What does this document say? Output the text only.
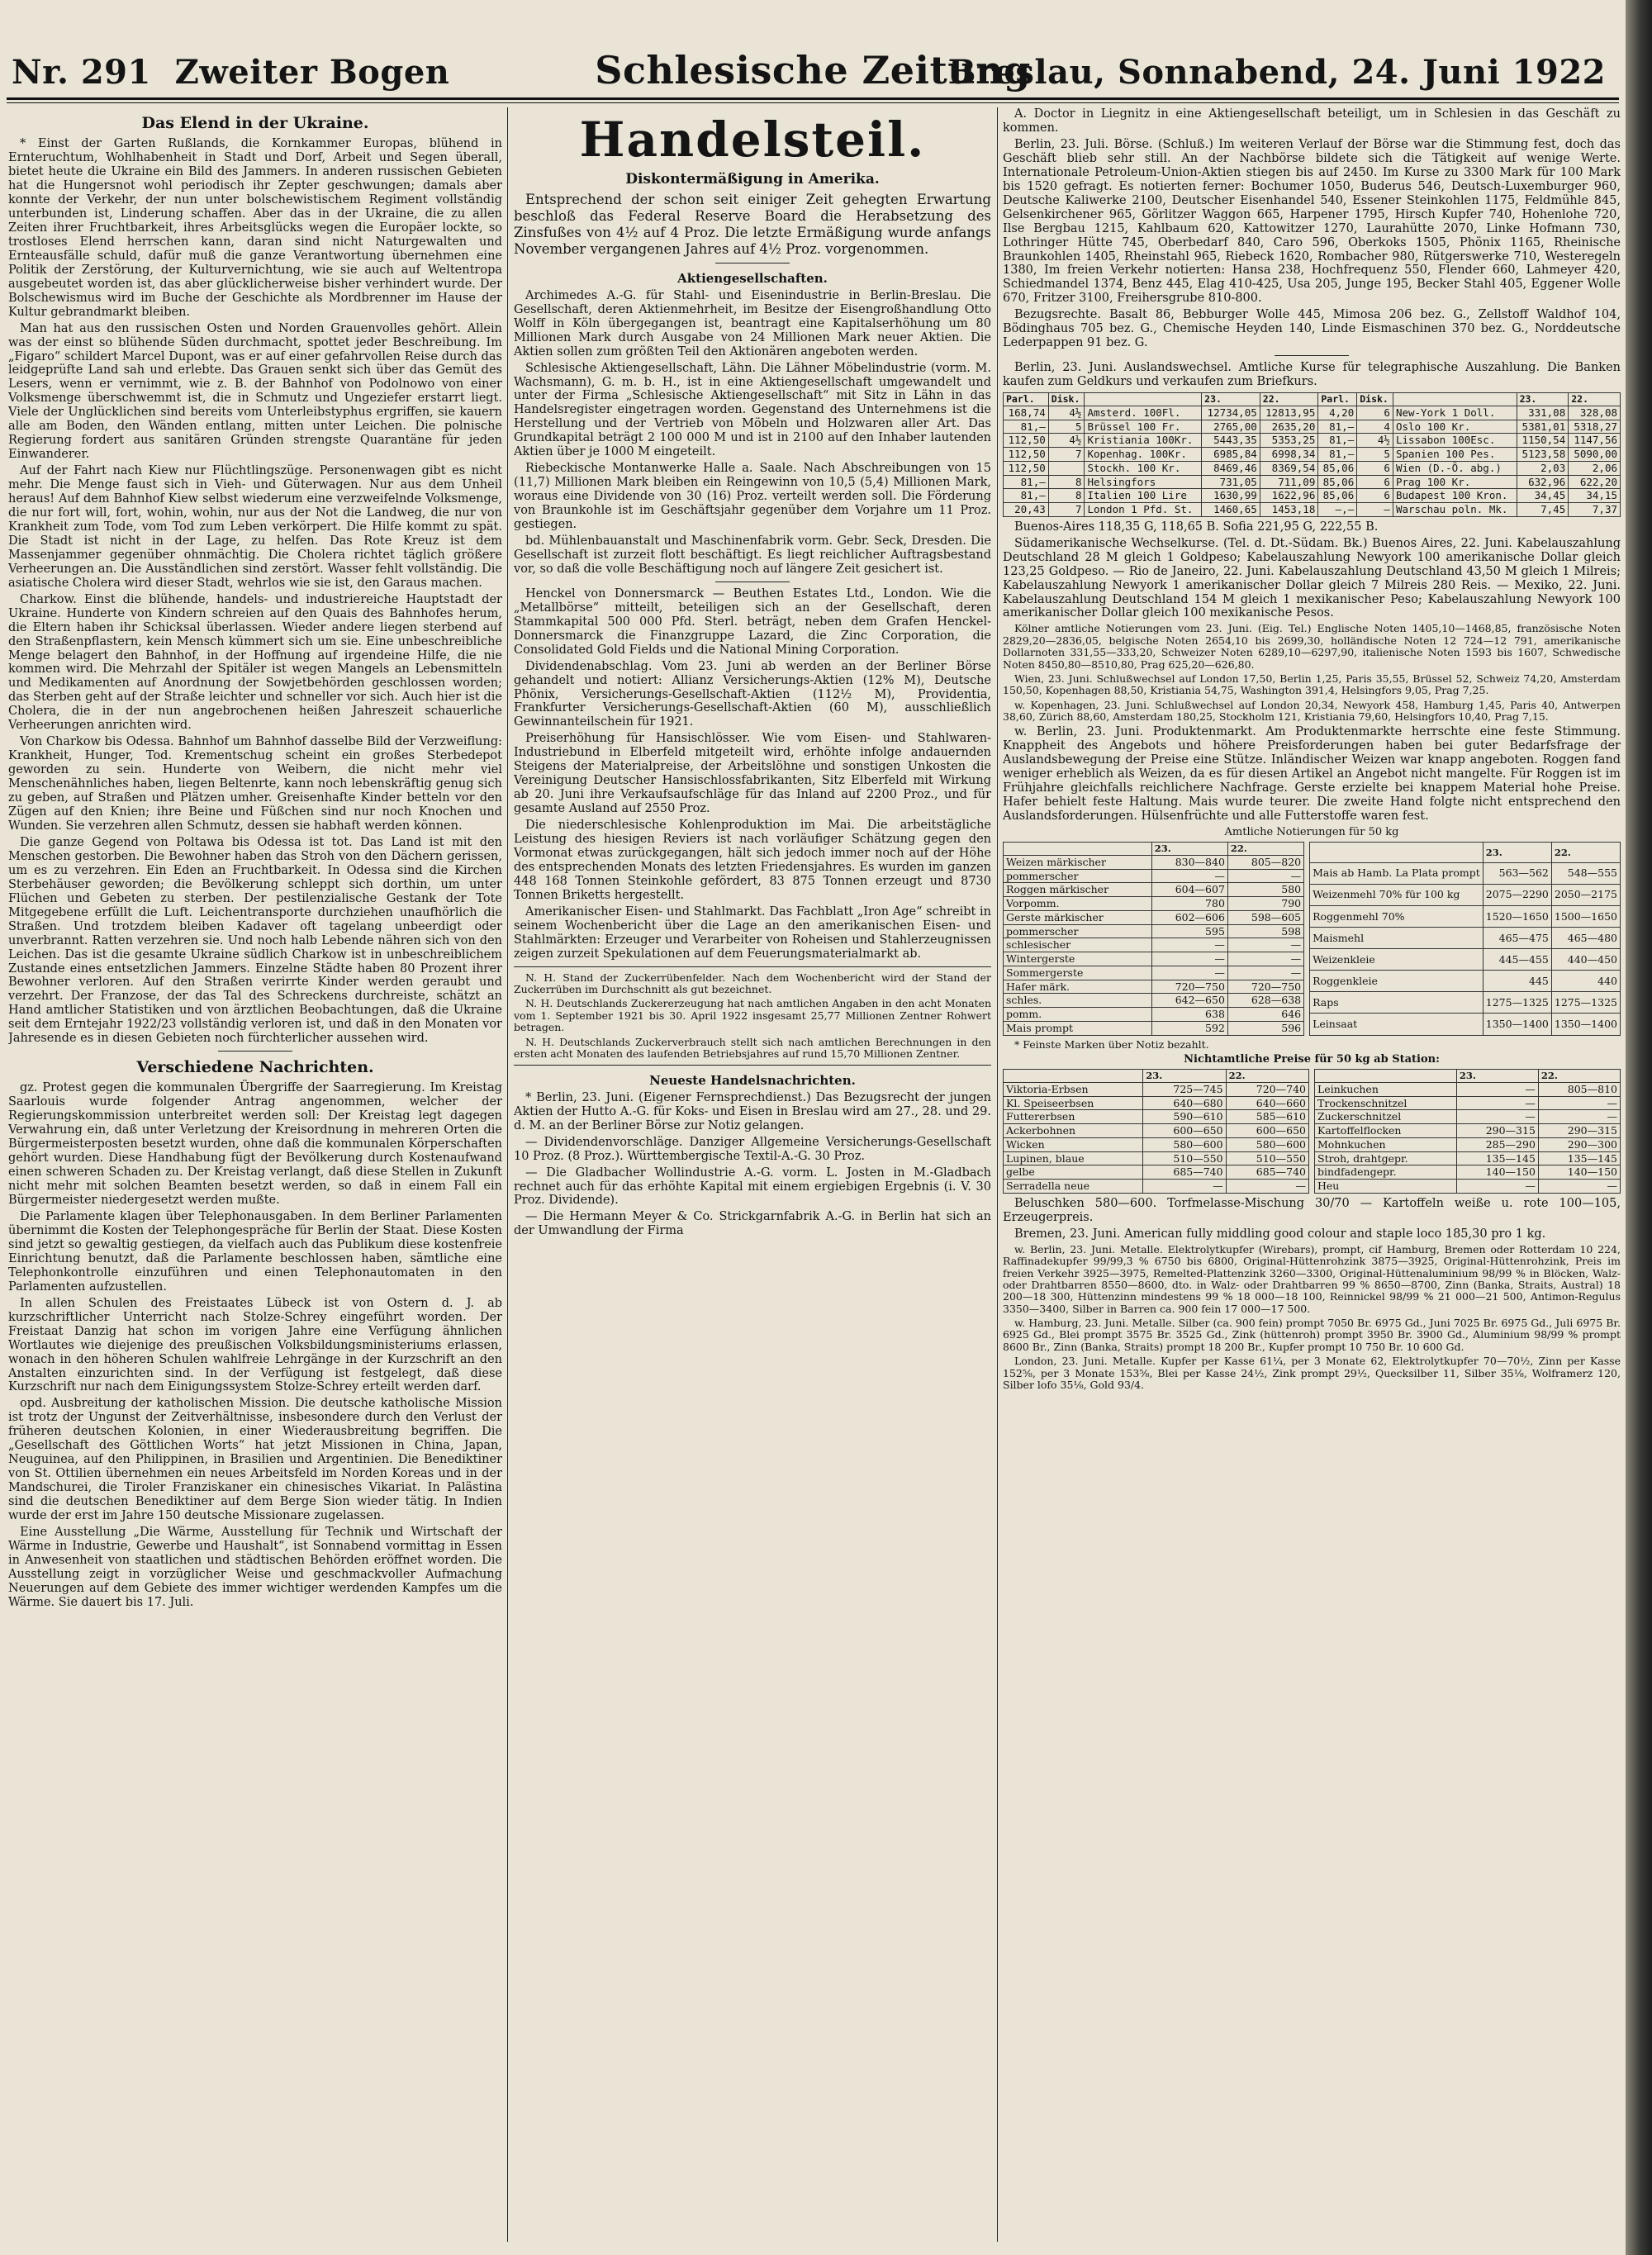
Nr. 291 Zweiter Bogen	Schlesische Zeitung
Breslau, Sonnabend, 24. Juni 1922
Das Elend in der Ukraine.

* Einst der Garten Rußlands, die Kornkammer Europas, blühend in Ernteruchtum, Wohlhabenheit in Stadt und Dorf, Arbeit und Segen überall, bietet heute die Ukraine ein Bild des Jammers. In anderen russischen Gebieten hat die Hungersnot wohl periodisch ihr Zepter geschwungen; damals aber konnte der Verkehr, der nun unter bolschewistischem Regiment vollständig unterbunden ist, Linderung schaffen. Aber das in der Ukraine, die zu allen Zeiten ihrer Fruchtbarkeit, ihres Arbeitsglücks wegen die Europäer lockte, so trostloses Elend herrschen kann, daran sind nicht Naturgewalten und Ernteausfälle schuld, dafür muß die ganze Verantwortung übernehmen eine Politik der Zerstörung, der Kulturvernichtung, wie sie auch auf Weltentropa ausgebeutet worden ist, das aber glücklicherweise bisher verhindert wurde. Der Bolschewismus wird im Buche der Geschichte als Mordbrenner im Hause der Kultur gebrandmarkt bleiben.

Man hat aus den russischen Osten und Norden Grauenvolles gehört. Allein was der einst so blühende Süden durchmacht, spottet jeder Beschreibung. Im „Figaro“ schildert Marcel Dupont, was er auf einer gefahrvollen Reise durch das leidgeprüfte Land sah und erlebte. Das Grauen senkt sich über das Gemüt des Lesers, wenn er vernimmt, wie z. B. der Bahnhof von Podolnowo von einer Volksmenge überschwemmt ist, die in Schmutz und Ungeziefer erstarrt liegt. Viele der Unglücklichen sind bereits vom Unterleibstyphus ergriffen, sie kauern alle am Boden, den Wänden entlang, mitten unter Leichen. Die polnische Regierung fordert aus sanitären Gründen strengste Quarantäne für jeden Einwanderer.

Auf der Fahrt nach Kiew nur Flüchtlingszüge. Personenwagen gibt es nicht mehr. Die Menge faust sich in Vieh- und Güterwagen. Nur aus dem Unheil heraus! Auf dem Bahnhof Kiew selbst wiederum eine verzweifelnde Volksmenge, die nur fort will, fort, wohin, wohin, nur aus der Not die Landweg, die nur von Krankheit zum Tode, vom Tod zum Leben verkörpert. Die Hilfe kommt zu spät. Die Stadt ist nicht in der Lage, zu helfen. Das Rote Kreuz ist dem Massenjammer gegenüber ohnmächtig. Die Cholera richtet täglich größere Verheerungen an. Die Ausständlichen sind zerstört. Wasser fehlt vollständig. Die asiatische Cholera wird dieser Stadt, wehrlos wie sie ist, den Garaus machen.

Charkow. Einst die blühende, handels- und industriereiche Hauptstadt der Ukraine. Hunderte von Kindern schreien auf den Quais des Bahnhofes herum, die Eltern haben ihr Schicksal überlassen. Wieder andere liegen sterbend auf den Straßenpflastern, kein Mensch kümmert sich um sie. Eine unbeschreibliche Menge belagert den Bahnhof, in der Hoffnung auf irgendeine Hilfe, die nie kommen wird. Die Mehrzahl der Spitäler ist wegen Mangels an Lebensmitteln und Medikamenten auf Anordnung der Sowjetbehörden geschlossen worden; das Sterben geht auf der Straße leichter und schneller vor sich. Auch hier ist die Cholera, die in der nun angebrochenen heißen Jahreszeit schauerliche Verheerungen anrichten wird.

Von Charkow bis Odessa. Bahnhof um Bahnhof dasselbe Bild der Verzweiflung: Krankheit, Hunger, Tod. Krementschug scheint ein großes Sterbedepot geworden zu sein. Hunderte von Weibern, die nicht mehr viel Menschenähnliches haben, liegen Beltenrte, kann noch lebenskräftig genug sich zu geben, auf Straßen und Plätzen umher. Greisenhafte Kinder betteln vor den Zügen auf den Knien; ihre Beine und Füßchen sind nur noch Knochen und Wunden. Sie verzehren allen Schmutz, dessen sie habhaft werden können.

Die ganze Gegend von Poltawa bis Odessa ist tot. Das Land ist mit den Menschen gestorben. Die Bewohner haben das Stroh von den Dächern gerissen, um es zu verzehren. Ein Eden an Fruchtbarkeit. In Odessa sind die Kirchen Sterbehäuser geworden; die Bevölkerung schleppt sich dorthin, um unter Flüchen und Gebeten zu sterben. Der pestilenzialische Gestank der Tote Mitgegebene erfüllt die Luft. Leichentransporte durchziehen unaufhörlich die Straßen. Und trotzdem bleiben Kadaver oft tagelang unbeerdigt oder unverbrannt. Ratten verzehren sie. Und noch halb Lebende nähren sich von den Leichen. Das ist die gesamte Ukraine südlich Charkow ist in unbeschreiblichem Zustande eines entsetzlichen Jammers. Einzelne Städte haben 80 Prozent ihrer Bewohner verloren. Auf den Straßen verirrte Kinder werden geraubt und verzehrt. Der Franzose, der das Tal des Schreckens durchreiste, schätzt an Hand amtlicher Statistiken und von ärztlichen Beobachtungen, daß die Ukraine seit dem Erntejahr 1922/23 vollständig verloren ist, und daß in den Monaten vor Jahresende es in diesen Gebieten noch fürchterlicher aussehen wird.

Verschiedene Nachrichten.

gz. Protest gegen die kommunalen Übergriffe der Saarregierung. Im Kreistag Saarlouis wurde folgender Antrag angenommen, welcher der Regierungskommission unterbreitet werden soll: Der Kreistag legt dagegen Verwahrung ein, daß unter Verletzung der Kreisordnung in mehreren Orten die Bürgermeisterposten besetzt wurden, ohne daß die kommunalen Körperschaften gehört wurden. Diese Handhabung fügt der Bevölkerung durch Kostenaufwand einen schweren Schaden zu. Der Kreistag verlangt, daß diese Stellen in Zukunft nicht mehr mit solchen Beamten besetzt werden, so daß in einem Fall ein Bürgermeister niedergesetzt werden mußte.

Die Parlamente klagen über Telephonausgaben. In dem Berliner Parlamenten übernimmt die Kosten der Telephongespräche für Berlin der Staat. Diese Kosten sind jetzt so gewaltig gestiegen, da vielfach auch das Publikum diese kostenfreie Einrichtung benutzt, daß die Parlamente beschlossen haben, sämtliche eine Telephonkontrolle einzuführen und einen Telephonautomaten in den Parlamenten aufzustellen.

In allen Schulen des Freistaates Lübeck ist von Ostern d. J. ab kurzschriftlicher Unterricht nach Stolze-Schrey eingeführt worden. Der Freistaat Danzig hat schon im vorigen Jahre eine Verfügung ähnlichen Wortlautes wie diejenige des preußischen Volksbildungsministeriums erlassen, wonach in den höheren Schulen wahlfreie Lehrgänge in der Kurzschrift an den Anstalten einzurichten sind. In der Verfügung ist festgelegt, daß diese Kurzschrift nur nach dem Einigungssystem Stolze-Schrey erteilt werden darf.

opd. Ausbreitung der katholischen Mission. Die deutsche katholische Mission ist trotz der Ungunst der Zeitverhältnisse, insbesondere durch den Verlust der früheren deutschen Kolonien, in einer Wiederausbreitung begriffen. Die „Gesellschaft des Göttlichen Worts“ hat jetzt Missionen in China, Japan, Neuguinea, auf den Philippinen, in Brasilien und Argentinien. Die Benediktiner von St. Ottilien übernehmen ein neues Arbeitsfeld im Norden Koreas und in der Mandschurei, die Tiroler Franziskaner ein chinesisches Vikariat. In Palästina sind die deutschen Benediktiner auf dem Berge Sion wieder tätig. In Indien wurde der erst im Jahre 150 deutsche Missionare zugelassen.

Eine Ausstellung „Die Wärme, Ausstellung für Technik und Wirtschaft der Wärme in Industrie, Gewerbe und Haushalt“, ist Sonnabend vormittag in Essen in Anwesenheit von staatlichen und städtischen Behörden eröffnet worden. Die Ausstellung zeigt in vorzüglicher Weise und geschmackvoller Aufmachung Neuerungen auf dem Gebiete des immer wichtiger werdenden Kampfes um die Wärme. Sie dauert bis 17. Juli.

Handelsteil.
Diskontermäßigung in Amerika.

Entsprechend der schon seit einiger Zeit gehegten Erwartung beschloß das Federal Reserve Board die Herabsetzung des Zinsfußes von 4½ auf 4 Proz. Die letzte Ermäßigung wurde anfangs November vergangenen Jahres auf 4½ Proz. vorgenommen.

Aktiengesellschaften.

Archimedes A.-G. für Stahl- und Eisenindustrie in Berlin-Breslau. Die Gesellschaft, deren Aktienmehrheit, im Besitze der Eisengroßhandlung Otto Wolff in Köln übergegangen ist, beantragt eine Kapitalserhöhung um 80 Millionen Mark durch Ausgabe von 24 Millionen Mark neuer Aktien. Die Aktien sollen zum größten Teil den Aktionären angeboten werden.

Schlesische Aktiengesellschaft, Lähn. Die Lähner Möbelindustrie (vorm. M. Wachsmann), G. m. b. H., ist in eine Aktiengesellschaft umgewandelt und unter der Firma „Schlesische Aktiengesellschaft“ mit Sitz in Lähn in das Handelsregister eingetragen worden. Gegenstand des Unternehmens ist die Herstellung und der Vertrieb von Möbeln und Holzwaren aller Art. Das Grundkapital beträgt 2 100 000 M und ist in 2100 auf den Inhaber lautenden Aktien über je 1000 M eingeteilt.

Riebeckische Montanwerke Halle a. Saale. Nach Abschreibungen von 15 (11,7) Millionen Mark bleiben ein Reingewinn von 10,5 (5,4) Millionen Mark, woraus eine Dividende von 30 (16) Proz. verteilt werden soll. Die Förderung von Braunkohle ist im Geschäftsjahr gegenüber dem Vorjahre um 11 Proz. gestiegen.

bd. Mühlenbauanstalt und Maschinenfabrik vorm. Gebr. Seck, Dresden. Die Gesellschaft ist zurzeit flott beschäftigt. Es liegt reichlicher Auftragsbestand vor, so daß die volle Beschäftigung noch auf längere Zeit gesichert ist.

Henckel von Donnersmarck — Beuthen Estates Ltd., London. Wie die „Metallbörse“ mitteilt, beteiligen sich an der Gesellschaft, deren Stammkapital 500 000 Pfd. Sterl. beträgt, neben dem Grafen Henckel-Donnersmarck die Finanzgruppe Lazard, die Zinc Corporation, die Consolidated Gold Fields und die National Mining Corporation.

Dividendenabschlag. Vom 23. Juni ab werden an der Berliner Börse gehandelt und notiert: Allianz Versicherungs-Aktien (12% M), Deutsche Phönix, Versicherungs-Gesellschaft-Aktien (112½ M), Providentia, Frankfurter Versicherungs-Gesellschaft-Aktien (60 M), ausschließlich Gewinnanteilschein für 1921.

Preiserhöhung für Hansischlösser. Wie vom Eisen- und Stahlwaren-Industriebund in Elberfeld mitgeteilt wird, erhöhte infolge andauernden Steigens der Materialpreise, der Arbeitslöhne und sonstigen Unkosten die Vereinigung Deutscher Hansischlossfabrikanten, Sitz Elberfeld mit Wirkung ab 20. Juni ihre Verkaufsaufschläge für das Inland auf 2200 Proz., und für gesamte Ausland auf 2550 Proz.

Die niederschlesische Kohlenproduktion im Mai. Die arbeitstägliche Leistung des hiesigen Reviers ist nach vorläufiger Schätzung gegen den Vormonat etwas zurückgegangen, hält sich jedoch immer noch auf der Höhe des entsprechenden Monats des letzten Friedensjahres. Es wurden im ganzen 448 168 Tonnen Steinkohle gefördert, 83 875 Tonnen erzeugt und 8730 Tonnen Briketts hergestellt.

Amerikanischer Eisen- und Stahlmarkt. Das Fachblatt „Iron Age“ schreibt in seinem Wochenbericht über die Lage an den amerikanischen Eisen- und Stahlmärkten: Erzeuger und Verarbeiter von Roheisen und Stahlerzeugnissen zeigen zurzeit Spekulationen auf dem Feuerungsmaterialmarkt ab.

N. H. Stand der Zuckerrübenfelder. Nach dem Wochenbericht wird der Stand der Zuckerrüben im Durchschnitt als gut bezeichnet.

N. H. Deutschlands Zuckererzeugung hat nach amtlichen Angaben in den acht Monaten vom 1. September 1921 bis 30. April 1922 insgesamt 25,77 Millionen Zentner Rohwert betragen.

N. H. Deutschlands Zuckerverbrauch stellt sich nach amtlichen Berechnungen in den ersten acht Monaten des laufenden Betriebsjahres auf rund 15,70 Millionen Zentner.

Neueste Handelsnachrichten.

* Berlin, 23. Juni. (Eigener Fernsprechdienst.) Das Bezugsrecht der jungen Aktien der Hutto A.-G. für Koks- und Eisen in Breslau wird am 27., 28. und 29. d. M. an der Berliner Börse zur Notiz gelangen.

— Dividendenvorschläge. Danziger Allgemeine Versicherungs-Gesellschaft 10 Proz. (8 Proz.). Württembergische Textil-A.-G. 30 Proz.

— Die Gladbacher Wollindustrie A.-G. vorm. L. Josten in M.-Gladbach rechnet auch für das erhöhte Kapital mit einem ergiebigen Ergebnis (i. V. 30 Proz. Dividende).

— Die Hermann Meyer & Co. Strickgarnfabrik A.-G. in Berlin hat sich an der Umwandlung der Firma

A. Doctor in Liegnitz in eine Aktiengesellschaft beteiligt, um in Schlesien in das Geschäft zu kommen.

Berlin, 23. Juli. Börse. (Schluß.) Im weiteren Verlauf der Börse war die Stimmung fest, doch das Geschäft blieb sehr still. An der Nachbörse bildete sich die Tätigkeit auf wenige Werte. Internationale Petroleum-Union-Aktien stiegen bis auf 2450. Im Kurse zu 3300 Mark für 100 Mark bis 1520 gefragt. Es notierten ferner: Bochumer 1050, Buderus 546, Deutsch-Luxemburger 960, Deutsche Kaliwerke 2100, Deutscher Eisenhandel 540, Essener Steinkohlen 1175, Feldmühle 845, Gelsenkirchener 965, Görlitzer Waggon 665, Harpener 1795, Hirsch Kupfer 740, Hohenlohe 720, Ilse Bergbau 1215, Kahlbaum 620, Kattowitzer 1270, Laurahütte 2070, Linke Hofmann 730, Lothringer Hütte 745, Oberbedarf 840, Caro 596, Oberkoks 1505, Phönix 1165, Rheinische Braunkohlen 1405, Rheinstahl 965, Riebeck 1620, Rombacher 980, Rütgerswerke 710, Westeregeln 1380, Im freien Verkehr notierten: Hansa 238, Hochfrequenz 550, Flender 660, Lahmeyer 420, Schiedmandel 1374, Benz 445, Elag 410-425, Usa 205, Junge 195, Becker Stahl 405, Eggener Wolle 670, Fritzer 3100, Freihersgrube 810-800.

Bezugsrechte. Basalt 86, Bebburger Wolle 445, Mimosa 206 bez. G., Zellstoff Waldhof 104, Bödinghaus 705 bez. G., Chemische Heyden 140, Linde Eismaschinen 370 bez. G., Norddeutsche Lederpappen 91 bez. G.

Berlin, 23. Juni. Auslandswechsel. Amtliche Kurse für telegraphische Auszahlung. Die Banken kaufen zum Geldkurs und verkaufen zum Briefkurs.

Parl.	Disk.		23.	22.	Parl.	Disk.		23.	22.
168,74	4½	Amsterd. 100Fl.	12734,05	12813,95	4,20	6	New-York 1 Doll.	331,08	328,08
81,—	5	Brüssel 100 Fr.	2765,00	2635,20	81,—	4	Oslo 100 Kr.	5381,01	5318,27
112,50	4½	Kristiania 100Kr.	5443,35	5353,25	81,—	4½	Lissabon 100Esc.	1150,54	1147,56
112,50	7	Kopenhag. 100Kr.	6985,84	6998,34	81,—	5	Spanien 100 Pes.	5123,58	5090,00
112,50		Stockh. 100 Kr.	8469,46	8369,54	85,06	6	Wien (D.-Ö. abg.)	2,03	2,06
81,—	8	Helsingfors	731,05	711,09	85,06	6	Prag 100 Kr.	632,96	622,20
81,—	8	Italien 100 Lire	1630,99	1622,96	85,06	6	Budapest 100 Kron.	34,45	34,15
20,43	7	London 1 Pfd. St.	1460,65	1453,18	—,—	—	Warschau poln. Mk.	7,45	7,37

Buenos-Aires 118,35 G, 118,65 B. Sofia 221,95 G, 222,55 B.

Südamerikanische Wechselkurse. (Tel. d. Dt.-Südam. Bk.) Buenos Aires, 22. Juni. Kabelauszahlung Deutschland 28 M gleich 1 Goldpeso; Kabelauszahlung Newyork 100 amerikanische Dollar gleich 123,25 Goldpeso. — Rio de Janeiro, 22. Juni. Kabelauszahlung Deutschland 43,50 M gleich 1 Milreis; Kabelauszahlung Newyork 1 amerikanischer Dollar gleich 7 Milreis 280 Reis. — Mexiko, 22. Juni. Kabelauszahlung Deutschland 154 M gleich 1 mexikanischer Peso; Kabelauszahlung Newyork 100 amerikanischer Dollar gleich 100 mexikanische Pesos.

Kölner amtliche Notierungen vom 23. Juni. (Eig. Tel.) Englische Noten 1405,10—1468,85, französische Noten 2829,20—2836,05, belgische Noten 2654,10 bis 2699,30, holländische Noten 12 724—12 791, amerikanische Dollarnoten 331,55—333,20, Schweizer Noten 6289,10—6297,90, italienische Noten 1593 bis 1607, Schwedische Noten 8450,80—8510,80, Prag 625,20—626,80.

Wien, 23. Juni. Schlußwechsel auf London 17,50, Berlin 1,25, Paris 35,55, Brüssel 52, Schweiz 74,20, Amsterdam 150,50, Kopenhagen 88,50, Kristiania 54,75, Washington 391,4, Helsingfors 9,05, Prag 7,25.

w. Kopenhagen, 23. Juni. Schlußwechsel auf London 20,34, Newyork 458, Hamburg 1,45, Paris 40, Antwerpen 38,60, Zürich 88,60, Amsterdam 180,25, Stockholm 121, Kristiania 79,60, Helsingfors 10,40, Prag 7,15.

w. Berlin, 23. Juni. Produktenmarkt. Am Produktenmarkte herrschte eine feste Stimmung. Knappheit des Angebots und höhere Preisforderungen haben bei guter Bedarfsfrage der Auslandsbewegung der Preise eine Stütze. Inländischer Weizen war knapp angeboten. Roggen fand weniger erheblich als Weizen, da es für diesen Artikel an Angebot nicht mangelte. Für Roggen ist im Frühjahre gleichfalls reichlichere Nachfrage. Gerste erzielte bei knappem Material hohe Preise. Hafer behielt feste Haltung. Mais wurde teurer. Die zweite Hand folgte nicht entsprechend den Auslandsforderungen. Hülsenfrüchte und alle Futterstoffe waren fest.

Amtliche Notierungen für 50 kg
	23.	22.
Weizen märkischer	830—840	805—820
pommerscher	—	—
Roggen märkischer	604—607	580
Vorpomm.	780	790
Gerste märkischer	602—606	598—605
pommerscher	595	598
schlesischer	—	—
Wintergerste	—	—
Sommergerste	—	—
Hafer märk.	720—750	720—750
schles.	642—650	628—638
pomm.	638	646
Mais prompt	592	596
	23.	22.
Mais ab Hamb. La Plata prompt	563—562	548—555
Weizenmehl 70% für 100 kg	2075—2290	2050—2175
Roggenmehl 70%	1520—1650	1500—1650
Maismehl	465—475	465—480
Weizenkleie	445—455	440—450
Roggenkleie	445	440
Raps	1275—1325	1275—1325
Leinsaat	1350—1400	1350—1400

* Feinste Marken über Notiz bezahlt.

Nichtamtliche Preise für 50 kg ab Station:
	23.	22.
Viktoria-Erbsen	725—745	720—740
Kl. Speiseerbsen	640—680	640—660
Futtererbsen	590—610	585—610
Ackerbohnen	600—650	600—650
Wicken	580—600	580—600
Lupinen, blaue	510—550	510—550
gelbe	685—740	685—740
Serradella neue	—	—
	23.	22.
Leinkuchen	—	805—810
Trockenschnitzel	—	—
Zuckerschnitzel	—	—
Kartoffelflocken	290—315	290—315
Mohnkuchen	285—290	290—300
Stroh, drahtgepr.	135—145	135—145
bindfadengepr.	140—150	140—150
Heu	—	—

Beluschken 580—600. Torfmelasse-Mischung 30/70 — Kartoffeln weiße u. rote 100—105, Erzeugerpreis.

Bremen, 23. Juni. American fully middling good colour and staple loco 185,30 pro 1 kg.

w. Berlin, 23. Juni. Metalle. Elektrolytkupfer (Wirebars), prompt, cif Hamburg, Bremen oder Rotterdam 10 224, Raffinadekupfer 99/99,3 % 6750 bis 6800, Original-Hüttenrohzink 3875—3925, Original-Hüttenrohzink, Preis im freien Verkehr 3925—3975, Remelted-Plattenzink 3260—3300, Original-Hüttenaluminium 98/99 % in Blöcken, Walz- oder Drahtbarren 8550—8600, dto. in Walz- oder Drahtbarren 99 % 8650—8700, Zinn (Banka, Straits, Austral) 18 200—18 300, Hüttenzinn mindestens 99 % 18 000—18 100, Reinnickel 98/99 % 21 000—21 500, Antimon-Regulus 3350—3400, Silber in Barren ca. 900 fein 17 000—17 500.

w. Hamburg, 23. Juni. Metalle. Silber (ca. 900 fein) prompt 7050 Br. 6975 Gd., Juni 7025 Br. 6975 Gd., Juli 6975 Br. 6925 Gd., Blei prompt 3575 Br. 3525 Gd., Zink (hüttenroh) prompt 3950 Br. 3900 Gd., Aluminium 98/99 % prompt 8600 Br., Zinn (Banka, Straits) prompt 18 200 Br., Kupfer prompt 10 750 Br. 10 600 Gd.

London, 23. Juni. Metalle. Kupfer per Kasse 61¼, per 3 Monate 62, Elektrolytkupfer 70—70½, Zinn per Kasse 152⅝, per 3 Monate 153⅝, Blei per Kasse 24½, Zink prompt 29½, Quecksilber 11, Silber 35⅛, Wolframerz 120, Silber lofo 35⅛, Gold 93/4.
